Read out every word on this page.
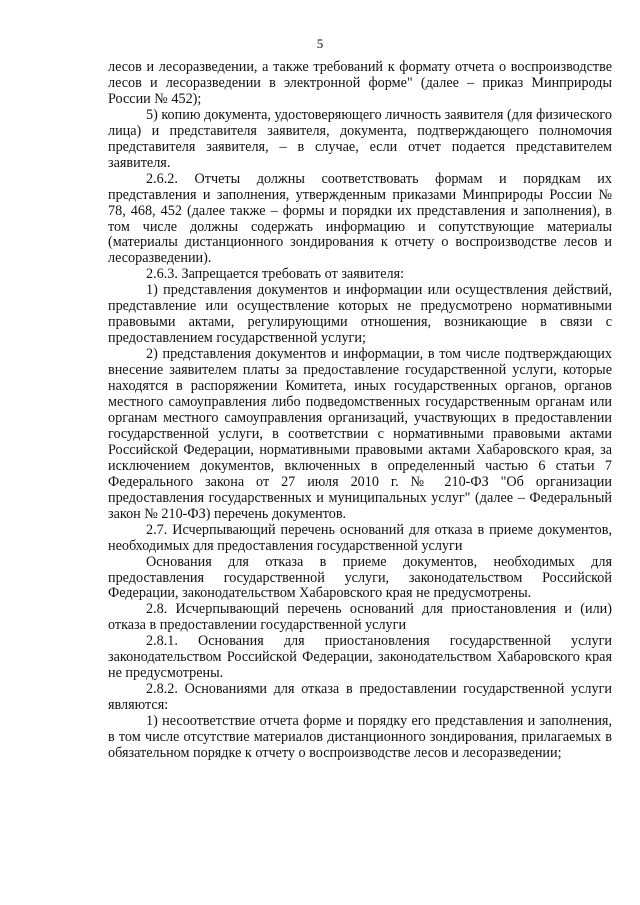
5

лесов и лесоразведении, а также требований к формату отчета о воспроизводстве лесов и лесоразведении в электронной форме" (далее – приказ Минприроды России № 452);

5) копию документа, удостоверяющего личность заявителя (для физического лица) и представителя заявителя, документа, подтверждающего полномочия представителя заявителя, – в случае, если отчет подается представителем заявителя.

2.6.2. Отчеты должны соответствовать формам и порядкам их представления и заполнения, утвержденным приказами Минприроды России № 78, 468, 452 (далее также – формы и порядки их представления и заполнения), в том числе должны содержать информацию и сопутствующие материалы (материалы дистанционного зондирования к отчету о воспроизводстве лесов и лесоразведении).

2.6.3. Запрещается требовать от заявителя:

1) представления документов и информации или осуществления действий, представление или осуществление которых не предусмотрено нормативными правовыми актами, регулирующими отношения, возникающие в связи с предоставлением государственной услуги;

2) представления документов и информации, в том числе подтверждающих внесение заявителем платы за предоставление государственной услуги, которые находятся в распоряжении Комитета, иных государственных органов, органов местного самоуправления либо подведомственных государственным органам или органам местного самоуправления организаций, участвующих в предоставлении государственной услуги, в соответствии с нормативными правовыми актами Российской Федерации, нормативными правовыми актами Хабаровского края, за исключением документов, включенных в определенный частью 6 статьи 7 Федерального закона от 27 июля 2010 г. № 210-ФЗ "Об организации предоставления государственных и муниципальных услуг" (далее – Федеральный закон № 210-ФЗ) перечень документов.

2.7. Исчерпывающий перечень оснований для отказа в приеме документов, необходимых для предоставления государственной услуги

Основания для отказа в приеме документов, необходимых для предоставления государственной услуги, законодательством Российской Федерации, законодательством Хабаровского края не предусмотрены.

2.8. Исчерпывающий перечень оснований для приостановления и (или) отказа в предоставлении государственной услуги

2.8.1. Основания для приостановления государственной услуги законодательством Российской Федерации, законодательством Хабаровского края не предусмотрены.

2.8.2. Основаниями для отказа в предоставлении государственной услуги являются:

1) несоответствие отчета форме и порядку его представления и заполнения, в том числе отсутствие материалов дистанционного зондирования, прилагаемых в обязательном порядке к отчету о воспроизводстве лесов и лесоразведении;
